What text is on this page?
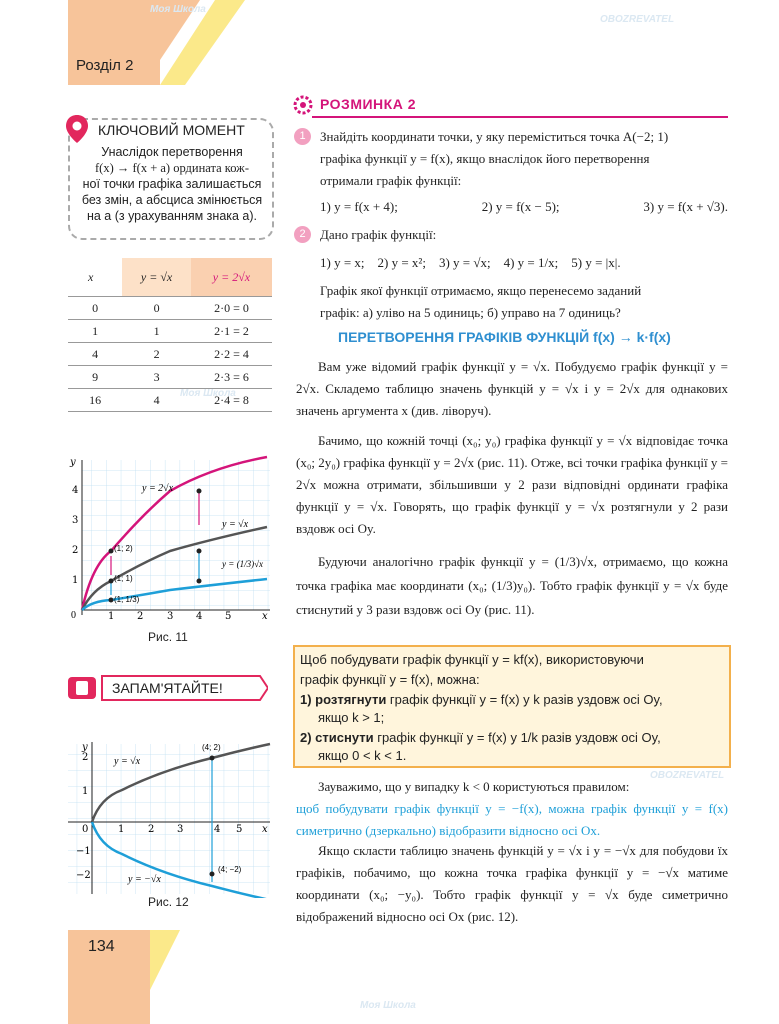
Розділ 2
Моя Школа
OBOZREVATEL
Моя Школа
OBOZREVATEL
Моя Школа
КЛЮЧОВИЙ МОМЕНТ
Унаслідок перетворення
f(x) → f(x + a) ордината кож-
ної точки графіка залишається
без змін, а абсциса змінюється
на a (з урахуванням знака a).
x	y = √x	y = 2√x
0	0	2·0 = 0
1	1	2·1 = 2
4	2	2·2 = 4
9	3	2·3 = 6
16	4	2·4 = 8
(1; 2)
(1; 1)
(1; 1/3)
y = 2√x
y = √x
y = (1/3)√x
0	1 2 3 4 5	x
1
2
3
4
y
Рис. 11
ЗАПАМ'ЯТАЙТЕ!
(4; 2)
(4; −2)
y = √x
y = −√x
0	1 2 3	4 5 x
2
1
−1
−2
y
Рис. 12
РОЗМИНКА 2
1	Знайдіть координати точки, у яку переміститься точка A(−2; 1)
графіка функції y = f(x), якщо внаслідок його перетворення
отримали графік функції:
1) y = f(x + 4);	2) y = f(x − 5);	3) y = f(x + √3).
2	Дано графік функції:
1) y = x;    2) y = x²;    3) y = √x;    4) y = 1/x;    5) y = |x|.
Графік якої функції отримаємо, якщо перенесемо заданий
графік: а) уліво на 5 одиниць; б) управо на 7 одиниць?
ПЕРЕТВОРЕННЯ ГРАФІКІВ ФУНКЦІЙ f(x) → k·f(x)
Вам уже відомий графік функції y = √x. Побудуємо графік функції y = 2√x. Складемо таблицю значень функцій y = √x і y = 2√x для однакових значень аргумента x (див. ліворуч).
Бачимо, що кожній точці (x₀; y₀) графіка функції y = √x відповідає точка (x₀; 2y₀) графіка функції y = 2√x (рис. 11). Отже, всі точки графіка функції y = 2√x можна отримати, збільшивши у 2 рази відповідні ординати графіка функції y = √x. Говорять, що графік функції y = √x розтягнули у 2 рази вздовж осі Oy.
Будуючи аналогічно графік функції y = (1/3)√x, отримаємо, що кожна точка графіка має координати (x₀; (1/3)y₀). Тобто графік функції y = √x буде стиснутий у 3 рази вздовж осі Oy (рис. 11).
Щоб побудувати графік функції y = kf(x), використовуючи
графік функції y = f(x), можна:
1) розтягнути графік функції y = f(x) у k разів уздовж осі Oy,
якщо k > 1;
2) стиснути графік функції y = f(x) у 1/k разів уздовж осі Oy,
якщо 0 < k < 1.
Зауважимо, що у випадку k < 0 користуються правилом:
щоб побудувати графік функції y = −f(x), можна графік функції y = f(x) симетрично (дзеркально) відобразити відносно осі Ox.
Якщо скласти таблицю значень функцій y = √x і y = −√x для побудови їх графіків, побачимо, що кожна точка графіка функції y = −√x матиме координати (x₀; −y₀). Тобто графік функції y = √x буде симетрично відображений відносно осі Ox (рис. 12).
134
